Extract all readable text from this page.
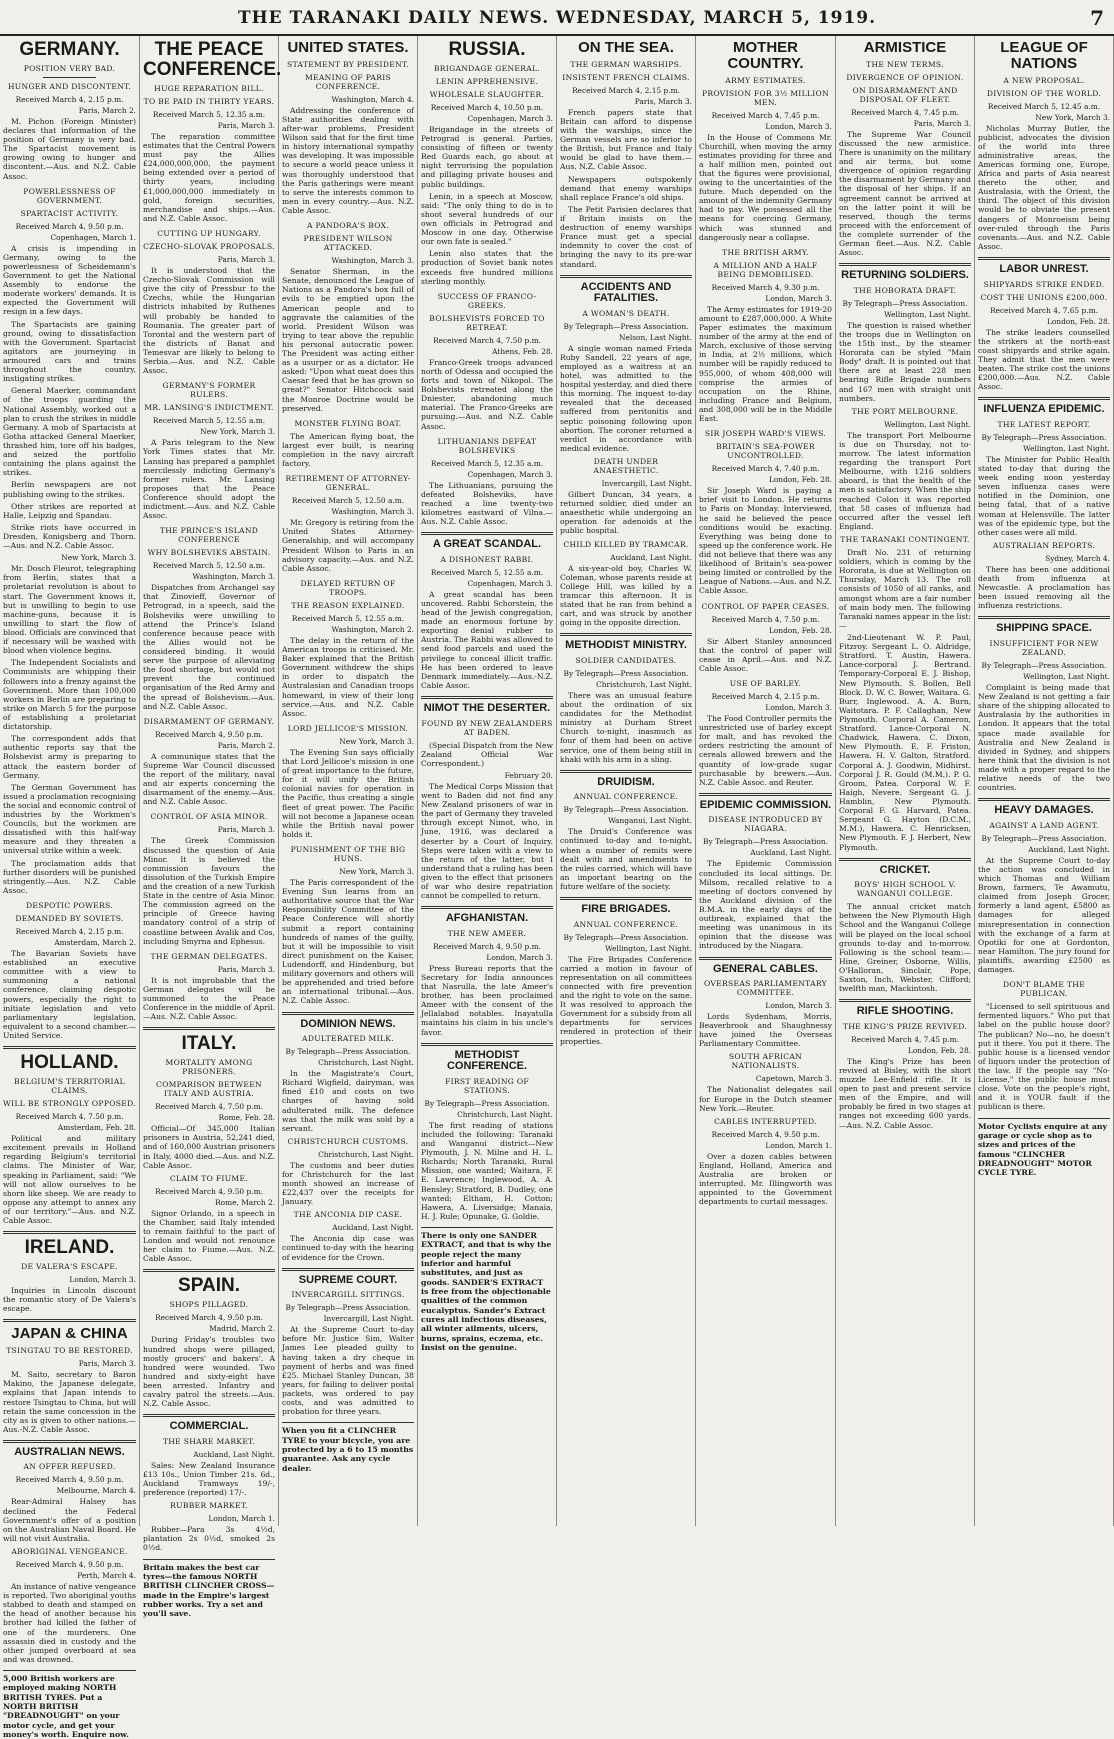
THE TARANAKI DAILY NEWS. WEDNESDAY, MARCH 5, 1919.	7
GERMANY.
POSITION VERY BAD.
HUNGER AND DISCONTENT.
Received March 4, 2.15 p.m.
Paris, March 2.

M. Pichon (Foreign Minister) declares that information of the position of Germany is very bad. The Spartacist movement is growing owing to hunger and discontent.—Aus. and N.Z. Cable Assoc.

POWERLESSNESS OF GOVERNMENT.
SPARTACIST ACTIVITY.
Received March 4, 9.50 p.m.
Copenhagen, March 1.

A crisis is impending in Germany, owing to the powerlessness of Scheidemann's Government to get the National Assembly to endorse the moderate workers' demands. It is expected the Government will resign in a few days.

The Spartacists are gaining ground, owing to dissatisfaction with the Government. Spartacist agitators are journeying in armoured cars and trains throughout the country, instigating strikes.

General Maerker, commandant of the troops guarding the National Assembly, worked out a plan to crush the strikes in middle Germany. A mob of Spartacists at Gotha attacked General Maerker, thrashed him, tore off his badges, and seized the portfolio containing the plans against the strikes.

Berlin newspapers are not publishing owing to the strikes.

Other strikes are reported at Halle, Leipzig and Spandau.

Strike riots have occurred in Dresden, Konigsberg and Thorn.—Aus. and N.Z. Cable Assoc.

New York, March 3.

Mr. Dosch Fleurot, telegraphing from Berlin, states that a proletariat revolution is about to start. The Government knows it, but is unwilling to begin to use machine-guns, because it is unwilling to start the flow of blood. Officials are convinced that if necessary will be washed with blood when violence begins.

The Independent Socialists and Communists are whipping their followers into a frenzy against the Government. More than 100,000 workers in Berlin are preparing to strike on March 5 for the purpose of establishing a proletariat dictatorship.

The correspondent adds that authentic reports say that the Bolshevist army is preparing to attack the eastern border of Germany.

The German Government has issued a proclamation recognising the social and economic control of industries by the Workmen's Councils, but the workmen are dissatisfied with this half-way measure and they threaten a universal strike within a week.

The proclamation adds that further disorders will be punished stringently.—Aus. N.Z. Cable Assoc.

DESPOTIC POWERS.
DEMANDED BY SOVIETS.
Received March 4, 2.15 p.m.
Amsterdam, March 2.

The Bavarian Soviets have established an executive committee with a view to summoning a national conference, claiming despotic powers, especially the right to initiate legislation and veto parliamentary legislation, equivalent to a second chamber.—United Service.

HOLLAND.
BELGIUM'S TERRITORIAL CLAIMS.
WILL BE STRONGLY OPPOSED.
Received March 4, 7.50 p.m.
Amsterdam, Feb. 28.

Political and military excitement prevails in Holland regarding Belgium's territorial claims. The Minister of War, speaking in Parliament, said: "We will not allow ourselves to be shorn like sheep. We are ready to oppose any attempt to annex any of our territory."—Aus. and N.Z. Cable Assoc.

IRELAND.
DE VALERA'S ESCAPE.
London, March 3.

Inquiries in Lincoln discount the romantic story of De Valera's escape.

JAPAN & CHINA
TSINGTAU TO BE RESTORED.
Paris, March 3.

M. Saito, secretary to Baron Makino, the Japanese delegate, explains that Japan intends to restore Tsingtau to China, but will retain the same concession in the city as is given to other nations.—Aus.-N.Z. Cable Assoc.

AUSTRALIAN NEWS.
AN OFFER REFUSED.
Received March 4, 9.50 p.m.
Melbourne, March 4.

Rear-Admiral Halsey has declined the Federal Government's offer of a position on the Australian Naval Board. He will not visit Australia.

ABORIGINAL VENGEANCE.
Received March 4, 9.50 p.m.
Perth, March 4.

An instance of native vengeance is reported. Two aboriginal youths stabbed to death and stamped on the head of another because his brother had killed the father of one of the murderers. One assassin died in custody and the other jumped overboard at sea and was drowned.

5,000 British workers are employed making NORTH BRITISH TYRES. Put a NORTH BRITISH "DREADNOUGHT" on your motor cycle, and get your money's worth. Enquire now.
THE PEACE CONFERENCE.
HUGE REPARATION BILL.
TO BE PAID IN THIRTY YEARS.
Received March 5, 12.35 a.m.
Paris, March 3.

The reparation committee estimates that the Central Powers must pay the Allies £24,000,000,000, the payment being extended over a period of thirty years, including £1,000,000,000 immediately in gold, foreign securities, merchandise and ships.—Aus. and N.Z. Cable Assoc.

CUTTING UP HUNGARY.
CZECHO-SLOVAK PROPOSALS.
Paris, March 3.

It is understood that the Czecho-Slovak Commission will give the city of Pressbur to the Czechs, while the Hungarian districts inhabited by Ruthenes will probably be handed to Roumania. The greater part of Torontal and the western part of the districts of Banat and Temesvar are likely to belong to Serbia.—Aus. and N.Z. Cable Assoc.

GERMANY'S FORMER RULERS.
MR. LANSING'S INDICTMENT.
Received March 5, 12.55 a.m.
New York, March 3.

A Paris telegram to the New York Times states that Mr. Lansing has prepared a pamphlet mercilessly indicting Germany's former rulers. Mr. Lansing proposes that the Peace Conference should adopt the indictment.—Aus. and N.Z. Cable Assoc.

THE PRINCE'S ISLAND CONFERENCE
WHY BOLSHEVIKS ABSTAIN.
Received March 5, 12.50 a.m.
Washington, March 3.

Dispatches from Archangel say that Zinovieff, Governor of Petrograd, in a speech, said the Bolsheviks were unwilling to attend the Prince's Island conference because peace with the Allies would not be considered binding. It would serve the purpose of alleviating the food shortage, but would not prevent the continued organisation of the Red Army and the spread of Bolshevism.—Aus. and N.Z. Cable Assoc.

DISARMAMENT OF GERMANY.
Received March 4, 9.50 p.m.
Paris, March 2.

A communique states that the Supreme War Council discussed the report of the military, naval and air experts concerning the disarmament of the enemy.—Aus. and N.Z. Cable Assoc.

CONTROL OF ASIA MINOR.
Paris, March 3.

The Greek Commission discussed the question of Asia Minor. It is believed the commission favours the dissolution of the Turkish Empire and the creation of a new Turkish State in the centre of Asia Minor. The commission agreed on the principle of Greece having mandatory control of a strip of coastline between Avalik and Cos, including Smyrna and Ephesus.

THE GERMAN DELEGATES.
Paris, March 3.

It is not improbable that the German delegates will be summoned to the Peace Conference in the middle of April.—Aus. N.Z. Cable Assoc.

ITALY.
MORTALITY AMONG PRISONERS.
COMPARISON BETWEEN ITALY AND AUSTRIA.
Received March 4, 7.50 p.m.
Rome, Feb. 28.

Official—Of 345,000 Italian prisoners in Austria, 52,241 died, and of 160,000 Austrian prisoners in Italy, 4000 died.—Aus. and N.Z. Cable Assoc.

CLAIM TO FIUME.
Received March 4, 9.50 p.m.
Rome, March 2.

Signor Orlando, in a speech in the Chamber, said Italy intended to remain faithful to the pact of London and would not renounce her claim to Fiume.—Aus. N.Z. Cable Assoc.

SPAIN.
SHOPS PILLAGED.
Received March 4, 9.50 p.m.
Madrid, March 2.

During Friday's troubles two hundred shops were pillaged, mostly grocers' and bakers'. A hundred were wounded. Two hundred and sixty-eight have been arrested. Infantry and cavalry patrol the streets.—Aus. N.Z. Cable Assoc.

COMMERCIAL.
THE SHARE MARKET.
Auckland, Last Night.

Sales: New Zealand Insurance £13 10s., Union Timber 21s. 6d., Auckland Tramways 19/-, preference (reported) 17/-.

RUBBER MARKET.
London, March 1.

Rubber—Para 3s 4½d, plantation 2s 0½d, smoked 2s 0½d.

Britain makes the best car tyres—the famous NORTH BRITISH CLINCHER CROSS—made in the Empire's largest rubber works. Try a set and you'll save.
UNITED STATES.
STATEMENT BY PRESIDENT.
MEANING OF PARIS CONFERENCE.
Washington, March 4.

Addressing the conference of State authorities dealing with after-war problems, President Wilson said that for the first time in history international sympathy was developing. It was impossible to secure a world peace unless it was thoroughly understood that the Paris gatherings were meant to serve the interests common to men in every country.—Aus. N.Z. Cable Assoc.

A PANDORA'S BOX.
PRESIDENT WILSON ATTACKED.
Washington, March 3.

Senator Sherman, in the Senate, denounced the League of Nations as a Pandora's box full of evils to be emptied upon the American people and to aggravate the calamities of the world. President Wilson was trying to tear above the republic his personal autocratic power. The President was acting either as a usurper or as a dictator. He asked: "Upon what meat does this Caesar feed that he has grown so great?" Senator Hitchcock said the Monroe Doctrine would be preserved.

MONSTER FLYING BOAT.

The American flying boat, the largest ever built, is nearing completion in the navy aircraft factory.

RETIREMENT OF ATTORNEY-GENERAL.
Received March 5, 12.50 a.m.
Washington, March 3.

Mr. Gregory is retiring from the United States Attorney-Generalship, and will accompany President Wilson to Paris in an advisory capacity.—Aus. and N.Z. Cable Assoc.

DELAYED RETURN OF TROOPS.
THE REASON EXPLAINED.
Received March 5, 12.55 a.m.
Washington, March 2.

The delay in the return of the American troops is criticised. Mr. Baker explained that the British Government withdrew the ships in order to dispatch the Australasian and Canadian troops homeward, in view of their long service.—Aus. and N.Z. Cable Assoc.

LORD JELLICOE'S MISSION.
New York, March 3.

The Evening Sun says officially that Lord Jellicoe's mission is one of great importance to the future, for it will unify the British colonial navies for operation in the Pacific, thus creating a single fleet of great power. The Pacific will not become a Japanese ocean while the British naval power holds it.

PUNISHMENT OF THE BIG HUNS.
New York, March 3.

The Paris correspondent of the Evening Sun learns from an authoritative source that the War Responsibility Committee of the Peace Conference will shortly submit a report containing hundreds of names of the guilty, but it will be impossible to visit direct punishment on the Kaiser, Ludendorff, and Hindenburg, but military governors and others will be apprehended and tried before an international tribunal.—Aus. N.Z. Cable Assoc.

DOMINION NEWS.
ADULTERATED MILK.
By Telegraph—Press Association.
Christchurch, Last Night.

In the Magistrate's Court, Richard Wigfield, dairyman, was fined £10 and costs on two charges of having sold adulterated milk. The defence was that the milk was sold by a servant.

CHRISTCHURCH CUSTOMS.
Christchurch, Last Night.

The customs and beer duties for Christchurch for the last month showed an increase of £22,437 over the receipts for January.

THE ANCONIA DIP CASE.
Auckland, Last Night.

The Anconia dip case was continued to-day with the hearing of evidence for the Crown.

SUPREME COURT.
INVERCARGILL SITTINGS.
By Telegraph—Press Association.
Invercargill, Last Night.

At the Supreme Court to-day before Mr. Justice Sim, Walter James Lee pleaded guilty to having taken a dry cheque in payment of herbs and was fined £25. Michael Stanley Duncan, 38 years, for failing to deliver postal packets, was ordered to pay costs, and was admitted to probation for three years.

When you fit a CLINCHER TYRE to your bicycle, you are protected by a 6 to 15 months guarantee. Ask any cycle dealer.
RUSSIA.
BRIGANDAGE GENERAL.
LENIN APPREHENSIVE.
WHOLESALE SLAUGHTER.
Received March 4, 10.50 p.m.
Copenhagen, March 3.

Brigandage in the streets of Petrograd is general. Parties, consisting of fifteen or twenty Red Guards each, go about at night terrorising the population and pillaging private houses and public buildings.

Lenin, in a speech at Moscow, said: "The only thing to do is to shoot several hundreds of our own officials in Petrograd and Moscow in one day. Otherwise our own fate is sealed."

Lenin also states that the production of Soviet bank notes exceeds five hundred millions sterling monthly.

SUCCESS OF FRANCO-GREEKS.
BOLSHEVISTS FORCED TO RETREAT.
Received March 4, 7.50 p.m.
Athens, Feb. 28.

Franco-Greek troops advanced north of Odessa and occupied the forts and town of Nikopol. The Bolshevists retreated along the Dniester, abandoning much material. The Franco-Greeks are pursuing.—Aus. and N.Z. Cable Assoc.

LITHUANIANS DEFEAT BOLSHEVIKS
Received March 5, 12.35 a.m.
Copenhagen, March 3.

The Lithuanians, pursuing the defeated Bolsheviks, have reached a line twenty-two kilometres eastward of Vilna.—Aus. N.Z. Cable Assoc.

A GREAT SCANDAL.
A DISHONEST RABBI.
Received March 5, 12.55 a.m.
Copenhagen, March 3.

A great scandal has been uncovered. Rabbi Schorstein, the head of the Jewish congregation, made an enormous fortune by exporting denial rubber to Austria. The Rabbi was allowed to send food parcels and used the privilege to conceal illicit traffic. He has been ordered to leave Denmark immediately.—Aus.-N.Z. Cable Assoc.

NIMOT THE DESERTER.
FOUND BY NEW ZEALANDERS AT BADEN.

(Special Dispatch from the New Zealand Official War Correspondent.)

February 20.

The Medical Corps Mission that went to Baden did not find any New Zealand prisoners of war in the part of Germany they traveled through except Nimot, who, in June, 1916, was declared a deserter by a Court of Inquiry. Steps were taken with a view to the return of the latter, but I understand that a ruling has been given to the effect that prisoners of war who desire repatriation cannot be compelled to return.

AFGHANISTAN.
THE NEW AMEER.
Received March 4, 9.50 p.m.
London, March 3.

Press Bureau reports that the Secretary for India announces that Nasrulla, the late Ameer's brother, has been proclaimed Ameer with the consent of the Jellalabad notables. Inayatulla maintains his claim in his uncle's favor.

METHODIST CONFERENCE.
FIRST READING OF STATIONS.
By Telegraph—Press Association.
Christchurch, Last Night.

The first reading of stations included the following: Taranaki and Wanganui district—New Plymouth, J. N. Milne and H. L. Richards; North Taranaki, Rural Mission, one wanted; Waitara, F. E. Lawrence; Inglewood, A. A. Bensley; Stratford, B. Dudley, one wanted; Eltham, H. Cotton; Hawera, A. Liversidge; Manaia, H. J. Rule; Opunake, G. Goldie.

There is only one SANDER EXTRACT, and that is why the people reject the many inferior and harmful substitutes, and just as goods. SANDER'S EXTRACT is free from the objectionable qualities of the common eucalyptus. Sander's Extract cures all infectious diseases, all winter ailments, ulcers, burns, sprains, eczema, etc. Insist on the genuine.
ON THE SEA.
THE GERMAN WARSHIPS.
INSISTENT FRENCH CLAIMS.
Received March 4, 2.15 p.m.
Paris, March 3.

French papers state that Britain can afford to dispense with the warships, since the German vessels are so inferior to the British, but France and Italy would be glad to have them.—Aus. N.Z. Cable Assoc.

Newspapers outspokenly demand that enemy warships shall replace France's old ships.

The Petit Parisien declares that if Britain insists on the destruction of enemy warships France must get a special indemnity to cover the cost of bringing the navy to its pre-war standard.

ACCIDENTS AND FATALITIES.
A WOMAN'S DEATH.
By Telegraph—Press Association.
Nelson, Last Night.

A single woman named Frieda Ruby Sandell, 22 years of age, employed as a waitress at an hotel, was admitted to the hospital yesterday, and died there this morning. The inquest to-day revealed that the deceased suffered from peritonitis and septic poisoning following upon abortion. The coroner returned a verdict in accordance with medical evidence.

DEATH UNDER ANAESTHETIC.
Invercargill, Last Night.

Gilbert Duncan, 34 years, a returned soldier, died under an anaesthetic while undergoing an operation for adenoids at the public hospital.

CHILD KILLED BY TRAMCAR.
Auckland, Last Night.

A six-year-old boy, Charles W. Coleman, whose parents reside at College Hill, was killed by a tramcar this afternoon. It is stated that he ran from behind a cart, and was struck by another going in the opposite direction.

METHODIST MINISTRY.
SOLDIER CANDIDATES.
By Telegraph—Press Association.
Christchurch, Last Night.

There was an unusual feature about the ordination of six candidates for the Methodist ministry at Durham Street Church to-night, inasmuch as four of them had been on active service, one of them being still in khaki with his arm in a sling.

DRUIDISM.
ANNUAL CONFERENCE.
By Telegraph—Press Association.
Wanganui, Last Night.

The Druid's Conference was continued to-day and to-night, when a number of remits were dealt with and amendments to the rules carried, which will have an important bearing on the future welfare of the society.

FIRE BRIGADES.
ANNUAL CONFERENCE.
By Telegraph—Press Association.
Wellington, Last Night.

The Fire Brigades Conference carried a motion in favour of representation on all committees connected with fire prevention and the right to vote on the same. It was resolved to approach the Government for a subsidy from all departments for services rendered in protection of their properties.

MOTHER COUNTRY.
ARMY ESTIMATES.
PROVISION FOR 3½ MILLION MEN.
Received March 4, 7.45 p.m.
London, March 3.

In the House of Commons Mr. Churchill, when moving the army estimates providing for three and a half million men, pointed out that the figures were provisional, owing to the uncertainties of the future. Much depended on the amount of the indemnity Germany had to pay. We possessed all the means for coercing Germany, which was stunned and dangerously near a collapse.

THE BRITISH ARMY.
A MILLION AND A HALF BEING DEMOBILISED.
Received March 4, 9.30 p.m.
London, March 3.

The Army estimates for 1919-20 amount to £287,000,000. A White Paper estimates the maximum number of the army at the end of March, exclusive of those serving in India, at 2½ millions, which number will be rapidly reduced to 955,000, of whom 408,000 will comprise the armies of occupation on the Rhine, including France and Belgium, and 308,000 will be in the Middle East.

SIR JOSEPH WARD'S VIEWS.
BRITAIN'S SEA-POWER UNCONTROLLED.
Received March 4, 7.40 p.m.
London, Feb. 28.

Sir Joseph Ward is paying a brief visit to London. He returns to Paris on Monday. Interviewed, he said he believed the peace conditions would be exacting. Everything was being done to speed up the conference work. He did not believe that there was any likelihood of Britain's sea-power being limited or controlled by the League of Nations.—Aus. and N.Z. Cable Assoc.

CONTROL OF PAPER CEASES.
Received March 4, 7.50 p.m.
London, Feb. 28.

Sir Albert Stanley announced that the control of paper will cease in April.—Aus. and N.Z. Cable Assoc.

USE OF BARLEY.
Received March 4, 2.15 p.m.
London, March 3.

The Food Controller permits the unrestricted use of barley except for malt, and has revoked the orders restricting the amount of cereals allowed brewers and the quantity of low-grade sugar purchasable by brewers.—Aus. N.Z. Cable Assoc. and Reuter.

EPIDEMIC COMMISSION.
DISEASE INTRODUCED BY NIAGARA.
By Telegraph—Press Association.
Auckland, Last Night.

The Epidemic Commission concluded its local sittings. Dr. Milsom, recalled relative to a meeting of doctors convened by the Auckland division of the B.M.A. in the early days of the outbreak, explained that the meeting was unanimous in its opinion that the disease was introduced by the Niagara.

GENERAL CABLES.
OVERSEAS PARLIAMENTARY COMMITTEE.
London, March 3.

Lords Sydenham, Morris, Beaverbrook and Shaughnessy have joined the Overseas Parliamentary Committee.

SOUTH AFRICAN NATIONALISTS.
Capetown, March 3.

The Nationalist delegates sail for Europe in the Dutch steamer New York.—Reuter.

CABLES INTERRUPTED.
Received March 4, 9.50 p.m.
London, March 1.

Over a dozen cables between England, Holland, America and Australia are broken or interrupted. Mr. Illingworth was appointed to the Government departments to curtail messages.

ARMISTICE
THE NEW TERMS.
DIVERGENCE OF OPINION.
ON DISARMAMENT AND DISPOSAL OF FLEET.
Received March 4, 7.45 p.m.
Paris, March 3.

The Supreme War Council discussed the new armistice. There is unanimity on the military and air terms, but some divergence of opinion regarding the disarmament by Germany and the disposal of her ships. If an agreement cannot be arrived at on the latter point it will be reserved, though the terms proceed with the enforcement of the complete surrender of the German fleet.—Aus. N.Z. Cable Assoc.

RETURNING SOLDIERS.
THE HOBORATA DRAFT.
By Telegraph—Press Association.
Wellington, Last Night.

The question is raised whether the troops due in Wellington on the 15th inst., by the steamer Hororata can be styled "Main Body" draft. It is pointed out that there are at least 228 men bearing Rifle Brigade numbers and 167 men with straight unit numbers.

THE PORT MELBOURNE.
Wellington, Last Night.

The transport Port Melbourne is due on Thursday, not to-morrow. The latest information regarding the transport Port Melbourne, with 1216 soldiers aboard, is that the health of the men is satisfactory. When the ship reached Colon it was reported that 58 cases of influenza had occurred after the vessel left England.

THE TARANAKI CONTINGENT.

Draft No. 231 of returning soldiers, which is coming by the Hororata, is due at Wellington on Thursday, March 13. The roll consists of 1050 of all ranks, and amongst whom are a fair number of main body men. The following Taranaki names appear in the list:—

2nd-Lieutenant W. P. Paul, Fitzroy. Sergeant L. O. Aldridge, Stratford. T. Austin, Hawera. Lance-corporal J. Bertrand. Temporary-Corporal E. J. Bishop, New Plymouth. S. Bollen, Bell Block. D. W. C. Bower, Waitara. G. Burr, Inglewood. A. A. Burn, Waitotara. P. F. Callaghan, New Plymouth. Corporal A. Cameron, Stratford. Lance-Corporal N. Chadwick, Hawera. C. Dixon, New Plymouth. E. F. Friston, Hawera. H. V. Galton, Stratford. Corporal A. J. Goodwin, Midhirst. Corporal J. R. Gould (M.M.). P. G. Groom, Patea. Corporal W. F. Haigh, Nevere. Sergeant G. J. Hamblin, New Plymouth. Corporal F. G. Harvard, Patea. Sergeant G. Hayton (D.C.M., M.M.), Hawera. C. Henricksen, New Plymouth. F. J. Herbert, New Plymouth.

CRICKET.
BOYS' HIGH SCHOOL V. WANGANUI COLLEGE.

The annual cricket match between the New Plymouth High School and the Wanganui College will be played on the local school grounds to-day and to-morrow. Following is the school team:—Hine, Greiner, Osborne, Willis, O'Halloran, Sinclair, Pope, Saxton, Inch, Webster, Clifford; twelfth man, Mackintosh.

RIFLE SHOOTING.
THE KING'S PRIZE REVIVED.
Received March 4, 7.45 p.m.
London, Feb. 28.

The King's Prize has been revived at Bisley, with the short muzzle Lee-Enfield rifle. It is open to past and present service men of the Empire, and will probably be fired in two stages at ranges not exceeding 600 yards.—Aus. N.Z. Cable Assoc.

LEAGUE OF NATIONS
A NEW PROPOSAL.
DIVISION OF THE WORLD.
Received March 5, 12.45 a.m.
New York, March 3.

Nicholas Murray Butler, the publicist, advocates the division of the world into three administrative areas, the Americas forming one, Europe, Africa and parts of Asia nearest thereto the other, and Australasia, with the Orient, the third. The object of this division would be to obviate the present dangers of Monroeism being over-ruled through the Paris covenants.—Aus. and N.Z. Cable Assoc.

LABOR UNREST.
SHIPYARDS STRIKE ENDED.
COST THE UNIONS £200,000.
Received March 4, 7.65 p.m.
London, Feb. 28.

The strike leaders counselled the strikers at the north-east coast shipyards and strike again. They admit that the men were beaten. The strike cost the unions £200,000.—Aus. N.Z. Cable Assoc.

INFLUENZA EPIDEMIC.
THE LATEST REPORT.
By Telegraph—Press Association.
Wellington, Last Night.

The Minister for Public Health stated to-day that during the week ending noon yesterday seven influenza cases were notified in the Dominion, one being fatal, that of a native woman at Helensville. The latter was of the epidemic type, but the other cases were all mild.

AUSTRALIAN REPORTS.
Sydney, March 4.

There has been one additional death from influenza at Newcastle. A proclamation has been issued removing all the influenza restrictions.

SHIPPING SPACE.
INSUFFICIENT FOR NEW ZEALAND.
By Telegraph—Press Association.
Wellington, Last Night.

Complaint is being made that New Zealand is not getting a fair share of the shipping allocated to Australasia by the authorities in London. It appears that the total space made available for Australia and New Zealand is divided in Sydney, and shippers here think that the division is not made with a proper regard to the relative needs of the two countries.

HEAVY DAMAGES.
AGAINST A LAND AGENT.
By Telegraph—Press Association.
Auckland, Last Night.

At the Supreme Court to-day the action was concluded in which Thomas and William Brown, farmers, Te Awamutu, claimed from Joseph Grocer, formerly a land agent, £5800 as damages for alleged misrepresentation in connection with the exchange of a farm at Opotiki for one at Gordonton, near Hamilton. The jury found for plaintiffs, awarding £2500 as damages.

DON'T BLAME THE PUBLICAN.

"Licensed to sell spirituous and fermented liquors." Who put that label on the public house door? The publican? No—no, he doesn't put it there. You put it there. The public house is a licensed vendor of liquors under the protection of the law. If the people say "No-License," the public house must close. Vote on the people's right, and it is YOUR fault if the publican is there.

Motor Cyclists enquire at any garage or cycle shop as to sizes and prices of the famous "CLINCHER DREADNOUGHT" MOTOR CYCLE TYRE.
